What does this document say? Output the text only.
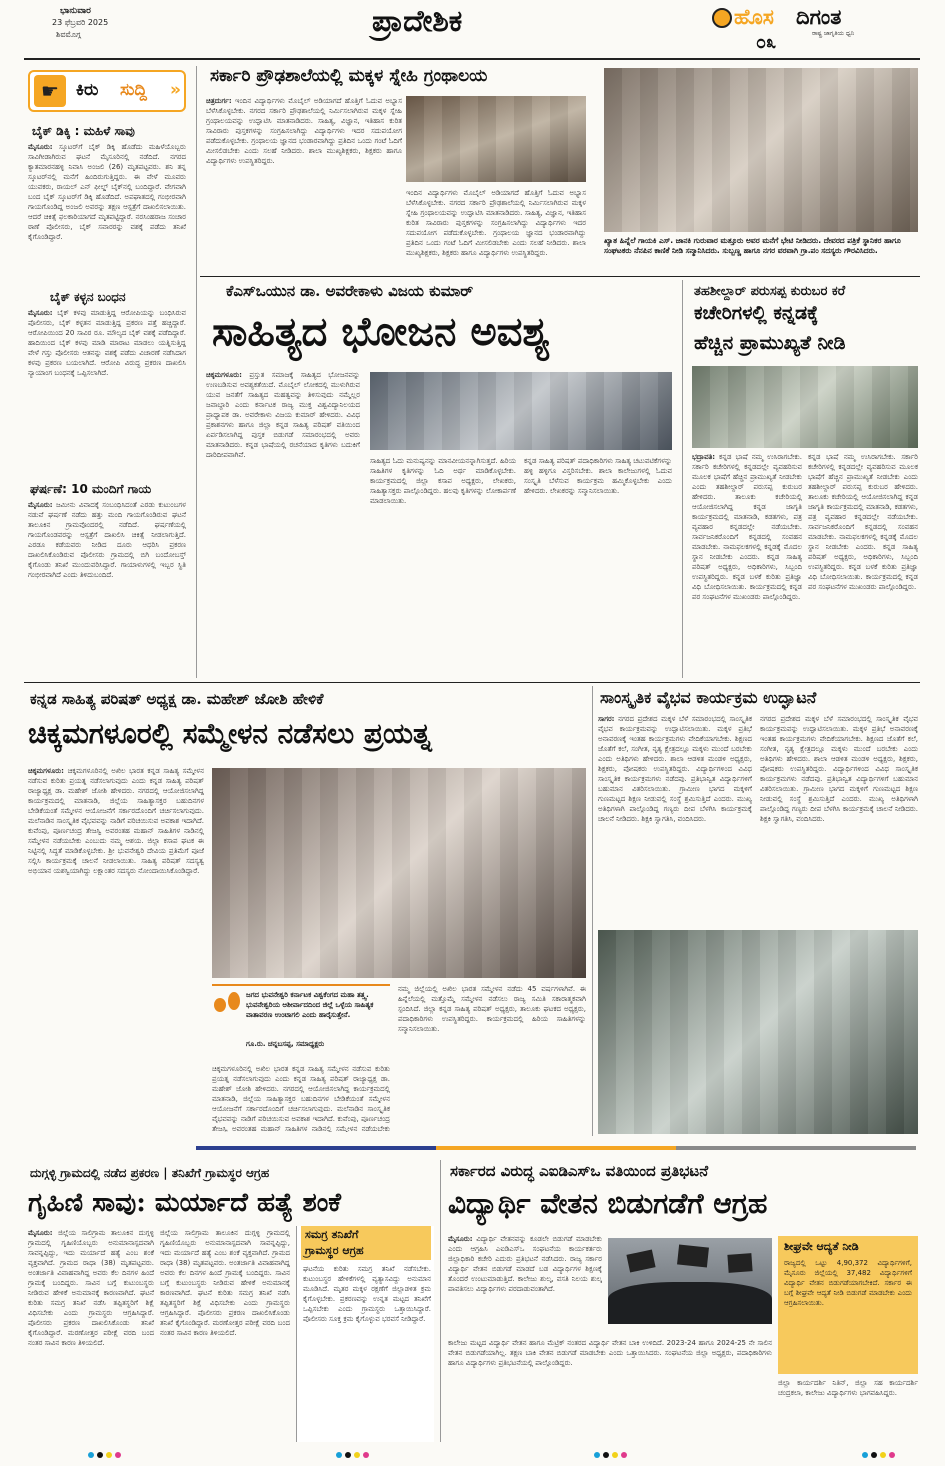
ಭಾನುವಾರ
23 ಫೆಬ್ರವರಿ 2025
ಶಿವಮೊಗ್ಗ	ಪ್ರಾದೇಶಿಕ	ಹೊಸ ದಿಗಂತ
ರಾಷ್ಟ್ರ ಜಾಗೃತಿಯ ಧ್ವನಿ
೦೩
☛	ಕಿರು ಸುದ್ದಿ »
ಬೈಕ್ ಡಿಕ್ಕಿ : ಮಹಿಳೆ ಸಾವು
ಮೈಸೂರು: ಸ್ಕೂಟರ್‌ಗೆ ಬೈಕ್ ಡಿಕ್ಕಿ ಹೊಡೆದು ಮಹಿಳೆಯೊಬ್ಬರು ಸಾವಿಗೀಡಾಗಿರುವ ಘಟನೆ ಮೈಸೂರಿನಲ್ಲಿ ನಡೆದಿದೆ. ನಗರದ ಕ್ಯಾತಮಾರನಹಳ್ಳಿ ನಿವಾಸಿ ಅಂಜಲಿ (26) ಮೃತಪಟ್ಟವರು. ಶನಿ ತನ್ನ ಸ್ಕೂಟರ್‌ನಲ್ಲಿ ಮನೆಗೆ ಹಿಂದಿರುಗುತ್ತಿದ್ದರು. ಈ ವೇಳೆ ಮೂವರು ಯುವಕರು, ರಾಯಲ್ ಎನ್ ಫೀಲ್ಡ್ ಬೈಕ್‌ನಲ್ಲಿ ಬಂದಿದ್ದಾರೆ. ವೇಗವಾಗಿ ಬಂದ ಬೈಕ್ ಸ್ಕೂಟರ್‌ಗೆ ಡಿಕ್ಕಿ ಹೊಡೆದಿದೆ. ಅಪಘಾತದಲ್ಲಿ ಗಂಭೀರವಾಗಿ ಗಾಯಗೊಂಡಿದ್ದ ಅಂಜಲಿ ಅವರನ್ನು ತಕ್ಷಣ ಆಸ್ಪತ್ರೆಗೆ ದಾಖಲಿಸಲಾಯಿತು. ಆದರೆ ಚಿಕಿತ್ಸೆ ಫಲಕಾರಿಯಾಗದೆ ಮೃತಪಟ್ಟಿದ್ದಾರೆ. ನರಸಿಂಹರಾಜ ಸಂಚಾರ ಠಾಣೆ ಪೊಲೀಸರು, ಬೈಕ್ ಸವಾರರನ್ನು ವಶಕ್ಕೆ ಪಡೆದು ತನಿಖೆ ಕೈಗೊಂಡಿದ್ದಾರೆ.
ಬೈಕ್ ಕಳ್ಳನ ಬಂಧನ
ಮೈಸೂರು: ಬೈಕ್ ಕಳವು ಮಾಡುತ್ತಿದ್ದ ಆರೋಪಿಯನ್ನು ಬಂಧಿಸಿರುವ ಪೊಲೀಸರು, ಬೈಕ್ ಕಳ್ಳತನ ಮಾಡುತ್ತಿದ್ದ ಪ್ರಕರಣ ಪತ್ತೆ ಹಚ್ಚಿದ್ದಾರೆ. ಆರೋಪಿಯಿಂದ 20 ಸಾವಿರ ರೂ. ಮೌಲ್ಯದ ಬೈಕ್ ವಶಕ್ಕೆ ಪಡೆದಿದ್ದಾರೆ. ಹಾದಿಯಿಂದ ಬೈಕ್ ಕಳವು ಮಾಡಿ ಮಾರಾಟ ಮಾಡಲು ಯತ್ನಿಸುತ್ತಿದ್ದ ವೇಳೆ ಗಸ್ತು ಪೊಲೀಸರು ಆತನನ್ನು ವಶಕ್ಕೆ ಪಡೆದು ವಿಚಾರಣೆ ನಡೆಸಿದಾಗ ಕಳವು ಪ್ರಕರಣ ಬಯಲಾಗಿದೆ. ಆರೋಪಿ ವಿರುದ್ಧ ಪ್ರಕರಣ ದಾಖಲಿಸಿ ನ್ಯಾಯಾಂಗ ಬಂಧನಕ್ಕೆ ಒಪ್ಪಿಸಲಾಗಿದೆ.
ಘರ್ಷಣೆ: 10 ಮಂದಿಗೆ ಗಾಯ
ಮೈಸೂರು: ಜಮೀನು ವಿವಾದಕ್ಕೆ ಸಂಬಂಧಿಸಿದಂತೆ ಎರಡು ಕುಟುಂಬಗಳ ನಡುವೆ ಘರ್ಷಣೆ ನಡೆದು ಹತ್ತು ಮಂದಿ ಗಾಯಗೊಂಡಿರುವ ಘಟನೆ ತಾಲೂಕಿನ ಗ್ರಾಮವೊಂದರಲ್ಲಿ ನಡೆದಿದೆ. ಘರ್ಷಣೆಯಲ್ಲಿ ಗಾಯಗೊಂಡವರನ್ನು ಆಸ್ಪತ್ರೆಗೆ ದಾಖಲಿಸಿ ಚಿಕಿತ್ಸೆ ನೀಡಲಾಗುತ್ತಿದೆ. ಎರಡೂ ಕಡೆಯವರು ನೀಡಿದ ದೂರು ಆಧರಿಸಿ ಪ್ರಕರಣ ದಾಖಲಿಸಿಕೊಂಡಿರುವ ಪೊಲೀಸರು ಗ್ರಾಮದಲ್ಲಿ ಬಿಗಿ ಬಂದೋಬಸ್ತ್ ಕೈಗೊಂಡು ತನಿಖೆ ಮುಂದುವರಿಸಿದ್ದಾರೆ. ಗಾಯಾಳುಗಳಲ್ಲಿ ಇಬ್ಬರ ಸ್ಥಿತಿ ಗಂಭೀರವಾಗಿದೆ ಎಂದು ತಿಳಿದುಬಂದಿದೆ.
ಸರ್ಕಾರಿ ಪ್ರೌಢಶಾಲೆಯಲ್ಲಿ ಮಕ್ಕಳ ಸ್ನೇಹಿ ಗ್ರಂಥಾಲಯ
ಚಿತ್ರದುರ್ಗ: ಇಂದಿನ ವಿದ್ಯಾರ್ಥಿಗಳು ಮೊಬೈಲ್ ಅಡಿಯಾಗದೆ ಹೊತ್ತಿಗೆ ಓದುವ ಅಭ್ಯಾಸ ಬೆಳೆಸಿಕೊಳ್ಳಬೇಕು. ನಗರದ ಸರ್ಕಾರಿ ಪ್ರೌಢಶಾಲೆಯಲ್ಲಿ ನಿರ್ಮಿಸಲಾಗಿರುವ ಮಕ್ಕಳ ಸ್ನೇಹಿ ಗ್ರಂಥಾಲಯವನ್ನು ಉದ್ಘಾಟಿಸಿ ಮಾತನಾಡಿದರು. ಸಾಹಿತ್ಯ, ವಿಜ್ಞಾನ, ಇತಿಹಾಸ ಕುರಿತ ಸಾವಿರಾರು ಪುಸ್ತಕಗಳನ್ನು ಸಂಗ್ರಹಿಸಲಾಗಿದ್ದು ವಿದ್ಯಾರ್ಥಿಗಳು ಇದರ ಸದುಪಯೋಗ ಪಡೆದುಕೊಳ್ಳಬೇಕು. ಗ್ರಂಥಾಲಯ ಜ್ಞಾನದ ಭಂಡಾರವಾಗಿದ್ದು ಪ್ರತಿದಿನ ಒಂದು ಗಂಟೆ ಓದಿಗೆ ಮೀಸಲಿಡಬೇಕು ಎಂದು ಸಲಹೆ ನೀಡಿದರು. ಶಾಲಾ ಮುಖ್ಯಶಿಕ್ಷಕರು, ಶಿಕ್ಷಕರು ಹಾಗೂ ವಿದ್ಯಾರ್ಥಿಗಳು ಉಪಸ್ಥಿತರಿದ್ದರು.
ಇಂದಿನ ವಿದ್ಯಾರ್ಥಿಗಳು ಮೊಬೈಲ್ ಅಡಿಯಾಗದೆ ಹೊತ್ತಿಗೆ ಓದುವ ಅಭ್ಯಾಸ ಬೆಳೆಸಿಕೊಳ್ಳಬೇಕು. ನಗರದ ಸರ್ಕಾರಿ ಪ್ರೌಢಶಾಲೆಯಲ್ಲಿ ನಿರ್ಮಿಸಲಾಗಿರುವ ಮಕ್ಕಳ ಸ್ನೇಹಿ ಗ್ರಂಥಾಲಯವನ್ನು ಉದ್ಘಾಟಿಸಿ ಮಾತನಾಡಿದರು. ಸಾಹಿತ್ಯ, ವಿಜ್ಞಾನ, ಇತಿಹಾಸ ಕುರಿತ ಸಾವಿರಾರು ಪುಸ್ತಕಗಳನ್ನು ಸಂಗ್ರಹಿಸಲಾಗಿದ್ದು ವಿದ್ಯಾರ್ಥಿಗಳು ಇದರ ಸದುಪಯೋಗ ಪಡೆದುಕೊಳ್ಳಬೇಕು. ಗ್ರಂಥಾಲಯ ಜ್ಞಾನದ ಭಂಡಾರವಾಗಿದ್ದು ಪ್ರತಿದಿನ ಒಂದು ಗಂಟೆ ಓದಿಗೆ ಮೀಸಲಿಡಬೇಕು ಎಂದು ಸಲಹೆ ನೀಡಿದರು. ಶಾಲಾ ಮುಖ್ಯಶಿಕ್ಷಕರು, ಶಿಕ್ಷಕರು ಹಾಗೂ ವಿದ್ಯಾರ್ಥಿಗಳು ಉಪಸ್ಥಿತರಿದ್ದರು.
ಖ್ಯಾತ ಹಿನ್ನೆಲೆ ಗಾಯಕಿ ಎಸ್. ಜಾನಕಿ ಗುರುವಾರ ಮತ್ತೂರು ಅವರ ಮನೆಗೆ ಭೇಟಿ ನೀಡಿದರು. ದೇವರದ ಪತ್ರಿಕೆ ಸ್ಥಾನಿಕರ ಹಾಗೂ ಸಂಘಟಕರು ನೆನಪಿನ ಕಾಣಿಕೆ ನೀಡಿ ಸನ್ಮಾನಿಸಿದರು. ಸುಬ್ಬಣ್ಣ ಹಾಗೂ ನಗರ ವರವಾಗಿ ಗ್ರಾ.ಪಂ ಸದಸ್ಯರು ಗೌರವಿಸಿದರು.
ಕೆಎಸ್‌ಒಯುನ ಡಾ. ಅವರೇಕಾಳು ವಿಜಯ ಕುಮಾರ್
ಸಾಹಿತ್ಯದ ಭೋಜನ ಅವಶ್ಯ
ಚಿಕ್ಕಮಗಳೂರು: ಪ್ರಸ್ತುತ ಸಮಾಜಕ್ಕೆ ಸಾಹಿತ್ಯದ ಭೋಜನವನ್ನು ಉಣಬಡಿಸುವ ಅವಶ್ಯಕತೆಯಿದೆ. ಮೊಬೈಲ್ ಲೋಕದಲ್ಲಿ ಮುಳುಗಿರುವ ಯುವ ಜನತೆಗೆ ಸಾಹಿತ್ಯದ ಮಹತ್ವವನ್ನು ತಿಳಿಸುವುದು ನಮ್ಮೆಲ್ಲರ ಜವಾಬ್ದಾರಿ ಎಂದು ಕರ್ನಾಟಕ ರಾಜ್ಯ ಮುಕ್ತ ವಿಶ್ವವಿದ್ಯಾನಿಲಯದ ಪ್ರಾಧ್ಯಾಪಕ ಡಾ. ಅವರೇಕಾಳು ವಿಜಯ ಕುಮಾರ್ ಹೇಳಿದರು. ವಿವಿಧ ಪ್ರಕಾಶನಗಳು ಹಾಗೂ ಜಿಲ್ಲಾ ಕನ್ನಡ ಸಾಹಿತ್ಯ ಪರಿಷತ್ ವತಿಯಿಂದ ಏರ್ಪಡಿಸಲಾಗಿದ್ದ ಪುಸ್ತಕ ಬಿಡುಗಡೆ ಸಮಾರಂಭದಲ್ಲಿ ಅವರು ಮಾತನಾಡಿದರು. ಕನ್ನಡ ಭಾಷೆಯಲ್ಲಿ ರಚನೆಯಾದ ಕೃತಿಗಳು ಬದುಕಿಗೆ ದಾರಿದೀಪವಾಗಿವೆ.
ಸಾಹಿತ್ಯದ ಓದು ಮನುಷ್ಯನನ್ನು ಮಾನವೀಯನನ್ನಾಗಿಸುತ್ತದೆ. ಹಿರಿಯ ಸಾಹಿತಿಗಳ ಕೃತಿಗಳನ್ನು ಓದಿ ಅರ್ಥ ಮಾಡಿಕೊಳ್ಳಬೇಕು. ಕಾರ್ಯಕ್ರಮದಲ್ಲಿ ಜಿಲ್ಲಾ ಕಸಾಪ ಅಧ್ಯಕ್ಷರು, ಲೇಖಕರು, ಸಾಹಿತ್ಯಾಸಕ್ತರು ಪಾಲ್ಗೊಂಡಿದ್ದರು. ಹಲವು ಕೃತಿಗಳನ್ನು ಲೋಕಾರ್ಪಣೆ ಮಾಡಲಾಯಿತು.
ಕನ್ನಡ ಸಾಹಿತ್ಯ ಪರಿಷತ್ ಪದಾಧಿಕಾರಿಗಳು ಸಾಹಿತ್ಯ ಚಟುವಟಿಕೆಗಳನ್ನು ಹಳ್ಳಿ ಹಳ್ಳಿಗೂ ವಿಸ್ತರಿಸಬೇಕು. ಶಾಲಾ ಕಾಲೇಜುಗಳಲ್ಲಿ ಓದುವ ಸಂಸ್ಕೃತಿ ಬೆಳೆಸುವ ಕಾರ್ಯಕ್ರಮ ಹಮ್ಮಿಕೊಳ್ಳಬೇಕು ಎಂದು ಹೇಳಿದರು. ಲೇಖಕರನ್ನು ಸನ್ಮಾನಿಸಲಾಯಿತು.
ತಹಶೀಲ್ದಾರ್ ಪರುಸಪ್ಪ ಕುರುಬರ ಕರೆ
ಕಚೇರಿಗಳಲ್ಲಿ ಕನ್ನಡಕ್ಕೆ
ಹೆಚ್ಚಿನ ಪ್ರಾಮುಖ್ಯತೆ ನೀಡಿ
ಭದ್ರಾವತಿ: ಕನ್ನಡ ಭಾಷೆ ನಮ್ಮ ಉಸಿರಾಗಬೇಕು. ಸರ್ಕಾರಿ ಕಚೇರಿಗಳಲ್ಲಿ ಕನ್ನಡದಲ್ಲೇ ವ್ಯವಹರಿಸುವ ಮೂಲಕ ಭಾಷೆಗೆ ಹೆಚ್ಚಿನ ಪ್ರಾಮುಖ್ಯತೆ ನೀಡಬೇಕು ಎಂದು ತಹಶೀಲ್ದಾರ್ ಪರುಸಪ್ಪ ಕುರುಬರ ಹೇಳಿದರು. ತಾಲೂಕು ಕಚೇರಿಯಲ್ಲಿ ಆಯೋಜಿಸಲಾಗಿದ್ದ ಕನ್ನಡ ಜಾಗೃತಿ ಕಾರ್ಯಕ್ರಮದಲ್ಲಿ ಮಾತನಾಡಿ, ಕಡತಗಳು, ಪತ್ರ ವ್ಯವಹಾರ ಕನ್ನಡದಲ್ಲೇ ನಡೆಯಬೇಕು. ಸಾರ್ವಜನಿಕರೊಂದಿಗೆ ಕನ್ನಡದಲ್ಲಿ ಸಂವಹನ ಮಾಡಬೇಕು. ನಾಮಫಲಕಗಳಲ್ಲಿ ಕನ್ನಡಕ್ಕೆ ಮೊದಲ ಸ್ಥಾನ ನೀಡಬೇಕು ಎಂದರು. ಕನ್ನಡ ಸಾಹಿತ್ಯ ಪರಿಷತ್ ಅಧ್ಯಕ್ಷರು, ಅಧಿಕಾರಿಗಳು, ಸಿಬ್ಬಂದಿ ಉಪಸ್ಥಿತರಿದ್ದರು. ಕನ್ನಡ ಬಳಕೆ ಕುರಿತು ಪ್ರತಿಜ್ಞಾ ವಿಧಿ ಬೋಧಿಸಲಾಯಿತು. ಕಾರ್ಯಕ್ರಮದಲ್ಲಿ ಕನ್ನಡ ಪರ ಸಂಘಟನೆಗಳ ಮುಖಂಡರು ಪಾಲ್ಗೊಂಡಿದ್ದರು.
ಕನ್ನಡ ಭಾಷೆ ನಮ್ಮ ಉಸಿರಾಗಬೇಕು. ಸರ್ಕಾರಿ ಕಚೇರಿಗಳಲ್ಲಿ ಕನ್ನಡದಲ್ಲೇ ವ್ಯವಹರಿಸುವ ಮೂಲಕ ಭಾಷೆಗೆ ಹೆಚ್ಚಿನ ಪ್ರಾಮುಖ್ಯತೆ ನೀಡಬೇಕು ಎಂದು ತಹಶೀಲ್ದಾರ್ ಪರುಸಪ್ಪ ಕುರುಬರ ಹೇಳಿದರು. ತಾಲೂಕು ಕಚೇರಿಯಲ್ಲಿ ಆಯೋಜಿಸಲಾಗಿದ್ದ ಕನ್ನಡ ಜಾಗೃತಿ ಕಾರ್ಯಕ್ರಮದಲ್ಲಿ ಮಾತನಾಡಿ, ಕಡತಗಳು, ಪತ್ರ ವ್ಯವಹಾರ ಕನ್ನಡದಲ್ಲೇ ನಡೆಯಬೇಕು. ಸಾರ್ವಜನಿಕರೊಂದಿಗೆ ಕನ್ನಡದಲ್ಲಿ ಸಂವಹನ ಮಾಡಬೇಕು. ನಾಮಫಲಕಗಳಲ್ಲಿ ಕನ್ನಡಕ್ಕೆ ಮೊದಲ ಸ್ಥಾನ ನೀಡಬೇಕು ಎಂದರು. ಕನ್ನಡ ಸಾಹಿತ್ಯ ಪರಿಷತ್ ಅಧ್ಯಕ್ಷರು, ಅಧಿಕಾರಿಗಳು, ಸಿಬ್ಬಂದಿ ಉಪಸ್ಥಿತರಿದ್ದರು. ಕನ್ನಡ ಬಳಕೆ ಕುರಿತು ಪ್ರತಿಜ್ಞಾ ವಿಧಿ ಬೋಧಿಸಲಾಯಿತು. ಕಾರ್ಯಕ್ರಮದಲ್ಲಿ ಕನ್ನಡ ಪರ ಸಂಘಟನೆಗಳ ಮುಖಂಡರು ಪಾಲ್ಗೊಂಡಿದ್ದರು.
ಕನ್ನಡ ಸಾಹಿತ್ಯ ಪರಿಷತ್ ಅಧ್ಯಕ್ಷ ಡಾ. ಮಹೇಶ್ ಜೋಶಿ ಹೇಳಿಕೆ
ಚಿಕ್ಕಮಗಳೂರಲ್ಲಿ ಸಮ್ಮೇಳನ ನಡೆಸಲು ಪ್ರಯತ್ನ
ಚಿಕ್ಕಮಗಳೂರು: ಚಿಕ್ಕಮಗಳೂರಿನಲ್ಲಿ ಅಖಿಲ ಭಾರತ ಕನ್ನಡ ಸಾಹಿತ್ಯ ಸಮ್ಮೇಳನ ನಡೆಸುವ ಕುರಿತು ಪ್ರಯತ್ನ ನಡೆಸಲಾಗುವುದು ಎಂದು ಕನ್ನಡ ಸಾಹಿತ್ಯ ಪರಿಷತ್ ರಾಜ್ಯಾಧ್ಯಕ್ಷ ಡಾ. ಮಹೇಶ್ ಜೋಶಿ ಹೇಳಿದರು. ನಗರದಲ್ಲಿ ಆಯೋಜಿಸಲಾಗಿದ್ದ ಕಾರ್ಯಕ್ರಮದಲ್ಲಿ ಮಾತನಾಡಿ, ಜಿಲ್ಲೆಯ ಸಾಹಿತ್ಯಾಸಕ್ತರ ಬಹುದಿನಗಳ ಬೇಡಿಕೆಯಂತೆ ಸಮ್ಮೇಳನ ಆಯೋಜನೆಗೆ ಸರ್ಕಾರದೊಂದಿಗೆ ಚರ್ಚಿಸಲಾಗುವುದು. ಮಲೆನಾಡಿನ ಸಾಂಸ್ಕೃತಿಕ ವೈಭವವನ್ನು ನಾಡಿಗೆ ಪರಿಚಯಿಸುವ ಅವಕಾಶ ಇದಾಗಿದೆ. ಕುವೆಂಪು, ಪೂರ್ಣಚಂದ್ರ ತೇಜಸ್ವಿ ಅವರಂತಹ ಮಹಾನ್ ಸಾಹಿತಿಗಳ ನಾಡಿನಲ್ಲಿ ಸಮ್ಮೇಳನ ನಡೆಯಬೇಕು ಎಂಬುದು ನಮ್ಮ ಆಶಯ. ಜಿಲ್ಲಾ ಕಸಾಪ ಘಟಕ ಈ ನಿಟ್ಟಿನಲ್ಲಿ ಸಿದ್ಧತೆ ಮಾಡಿಕೊಳ್ಳಬೇಕು. ಶ್ರೀ ಭುವನೇಶ್ವರಿ ದೇವಿಯ ಪ್ರತಿಮೆಗೆ ಪೂಜೆ ಸಲ್ಲಿಸಿ ಕಾರ್ಯಕ್ರಮಕ್ಕೆ ಚಾಲನೆ ನೀಡಲಾಯಿತು. ಸಾಹಿತ್ಯ ಪರಿಷತ್ ಸದಸ್ಯತ್ವ ಅಭಿಯಾನ ಯಶಸ್ವಿಯಾಗಿದ್ದು ಲಕ್ಷಾಂತರ ಸದಸ್ಯರು ನೋಂದಾಯಿಸಿಕೊಂಡಿದ್ದಾರೆ.
ಜಗದ ಭುವನೇಶ್ವರಿ ಕರ್ನಾಟಕ ವಿಶ್ವಕೆಂಗದ ಮಹಾ ತತ್ತ್ವ. ಭುವನೇಶ್ವರಿಯ ಆಶೀರ್ವಾದದಿಂದ ಜಿಲ್ಲೆ ಒಳ್ಳೆಯ ಸಾಹಿತ್ಯಕ ವಾತಾವರಣ ಉಂಟಾಗಲಿ ಎಂದು ಹಾರೈಸುತ್ತೇನೆ.
ಗೂ.ರು. ಚನ್ನಬಸಪ್ಪ, ಸಮಾಧ್ಯಕ್ಷರು
ಚಿಕ್ಕಮಗಳೂರಿನಲ್ಲಿ ಅಖಿಲ ಭಾರತ ಕನ್ನಡ ಸಾಹಿತ್ಯ ಸಮ್ಮೇಳನ ನಡೆಸುವ ಕುರಿತು ಪ್ರಯತ್ನ ನಡೆಸಲಾಗುವುದು ಎಂದು ಕನ್ನಡ ಸಾಹಿತ್ಯ ಪರಿಷತ್ ರಾಜ್ಯಾಧ್ಯಕ್ಷ ಡಾ. ಮಹೇಶ್ ಜೋಶಿ ಹೇಳಿದರು. ನಗರದಲ್ಲಿ ಆಯೋಜಿಸಲಾಗಿದ್ದ ಕಾರ್ಯಕ್ರಮದಲ್ಲಿ ಮಾತನಾಡಿ, ಜಿಲ್ಲೆಯ ಸಾಹಿತ್ಯಾಸಕ್ತರ ಬಹುದಿನಗಳ ಬೇಡಿಕೆಯಂತೆ ಸಮ್ಮೇಳನ ಆಯೋಜನೆಗೆ ಸರ್ಕಾರದೊಂದಿಗೆ ಚರ್ಚಿಸಲಾಗುವುದು. ಮಲೆನಾಡಿನ ಸಾಂಸ್ಕೃತಿಕ ವೈಭವವನ್ನು ನಾಡಿಗೆ ಪರಿಚಯಿಸುವ ಅವಕಾಶ ಇದಾಗಿದೆ. ಕುವೆಂಪು, ಪೂರ್ಣಚಂದ್ರ ತೇಜಸ್ವಿ ಅವರಂತಹ ಮಹಾನ್ ಸಾಹಿತಿಗಳ ನಾಡಿನಲ್ಲಿ ಸಮ್ಮೇಳನ ನಡೆಯಬೇಕು
ನಮ್ಮ ಜಿಲ್ಲೆಯಲ್ಲಿ ಅಖಿಲ ಭಾರತ ಸಮ್ಮೇಳನ ನಡೆದು 45 ವರ್ಷಗಳಾಗಿವೆ. ಈ ಹಿನ್ನೆಲೆಯಲ್ಲಿ ಮತ್ತೊಮ್ಮೆ ಸಮ್ಮೇಳನ ನಡೆಸಲು ರಾಜ್ಯ ಸಮಿತಿ ಸಕಾರಾತ್ಮಕವಾಗಿ ಸ್ಪಂದಿಸಿದೆ. ಜಿಲ್ಲಾ ಕನ್ನಡ ಸಾಹಿತ್ಯ ಪರಿಷತ್ ಅಧ್ಯಕ್ಷರು, ತಾಲೂಕು ಘಟಕದ ಅಧ್ಯಕ್ಷರು, ಪದಾಧಿಕಾರಿಗಳು ಉಪಸ್ಥಿತರಿದ್ದರು. ಕಾರ್ಯಕ್ರಮದಲ್ಲಿ ಹಿರಿಯ ಸಾಹಿತಿಗಳನ್ನು ಸನ್ಮಾನಿಸಲಾಯಿತು.
ಸಾಂಸ್ಕೃತಿಕ ವೈಭವ ಕಾರ್ಯಕ್ರಮ ಉದ್ಘಾಟನೆ
ಸಾಗರ: ನಗರದ ಪ್ರದೇಶದ ಮಕ್ಕಳ ಬೆಳೆ ಸಮಾರಂಭದಲ್ಲಿ ಸಾಂಸ್ಕೃತಿಕ ವೈಭವ ಕಾರ್ಯಕ್ರಮವನ್ನು ಉದ್ಘಾಟಿಸಲಾಯಿತು. ಮಕ್ಕಳ ಪ್ರತಿಭೆ ಅನಾವರಣಕ್ಕೆ ಇಂತಹ ಕಾರ್ಯಕ್ರಮಗಳು ವೇದಿಕೆಯಾಗಬೇಕು. ಶಿಕ್ಷಣದ ಜೊತೆಗೆ ಕಲೆ, ಸಂಗೀತ, ನೃತ್ಯ ಕ್ಷೇತ್ರದಲ್ಲೂ ಮಕ್ಕಳು ಮುಂದೆ ಬರಬೇಕು ಎಂದು ಅತಿಥಿಗಳು ಹೇಳಿದರು. ಶಾಲಾ ಆಡಳಿತ ಮಂಡಳಿ ಅಧ್ಯಕ್ಷರು, ಶಿಕ್ಷಕರು, ಪೋಷಕರು ಉಪಸ್ಥಿತರಿದ್ದರು. ವಿದ್ಯಾರ್ಥಿಗಳಿಂದ ವಿವಿಧ ಸಾಂಸ್ಕೃತಿಕ ಕಾರ್ಯಕ್ರಮಗಳು ನಡೆದವು. ಪ್ರತಿಭಾನ್ವಿತ ವಿದ್ಯಾರ್ಥಿಗಳಿಗೆ ಬಹುಮಾನ ವಿತರಿಸಲಾಯಿತು. ಗ್ರಾಮೀಣ ಭಾಗದ ಮಕ್ಕಳಿಗೆ ಗುಣಮಟ್ಟದ ಶಿಕ್ಷಣ ನೀಡುವಲ್ಲಿ ಸಂಸ್ಥೆ ಶ್ರಮಿಸುತ್ತಿದೆ ಎಂದರು. ಮುಖ್ಯ ಅತಿಥಿಗಳಾಗಿ ಪಾಲ್ಗೊಂಡಿದ್ದ ಗಣ್ಯರು ದೀಪ ಬೆಳಗಿಸಿ ಕಾರ್ಯಕ್ರಮಕ್ಕೆ ಚಾಲನೆ ನೀಡಿದರು. ಶಿಕ್ಷಕಿ ಸ್ವಾಗತಿಸಿ, ವಂದಿಸಿದರು.
ನಗರದ ಪ್ರದೇಶದ ಮಕ್ಕಳ ಬೆಳೆ ಸಮಾರಂಭದಲ್ಲಿ ಸಾಂಸ್ಕೃತಿಕ ವೈಭವ ಕಾರ್ಯಕ್ರಮವನ್ನು ಉದ್ಘಾಟಿಸಲಾಯಿತು. ಮಕ್ಕಳ ಪ್ರತಿಭೆ ಅನಾವರಣಕ್ಕೆ ಇಂತಹ ಕಾರ್ಯಕ್ರಮಗಳು ವೇದಿಕೆಯಾಗಬೇಕು. ಶಿಕ್ಷಣದ ಜೊತೆಗೆ ಕಲೆ, ಸಂಗೀತ, ನೃತ್ಯ ಕ್ಷೇತ್ರದಲ್ಲೂ ಮಕ್ಕಳು ಮುಂದೆ ಬರಬೇಕು ಎಂದು ಅತಿಥಿಗಳು ಹೇಳಿದರು. ಶಾಲಾ ಆಡಳಿತ ಮಂಡಳಿ ಅಧ್ಯಕ್ಷರು, ಶಿಕ್ಷಕರು, ಪೋಷಕರು ಉಪಸ್ಥಿತರಿದ್ದರು. ವಿದ್ಯಾರ್ಥಿಗಳಿಂದ ವಿವಿಧ ಸಾಂಸ್ಕೃತಿಕ ಕಾರ್ಯಕ್ರಮಗಳು ನಡೆದವು. ಪ್ರತಿಭಾನ್ವಿತ ವಿದ್ಯಾರ್ಥಿಗಳಿಗೆ ಬಹುಮಾನ ವಿತರಿಸಲಾಯಿತು. ಗ್ರಾಮೀಣ ಭಾಗದ ಮಕ್ಕಳಿಗೆ ಗುಣಮಟ್ಟದ ಶಿಕ್ಷಣ ನೀಡುವಲ್ಲಿ ಸಂಸ್ಥೆ ಶ್ರಮಿಸುತ್ತಿದೆ ಎಂದರು. ಮುಖ್ಯ ಅತಿಥಿಗಳಾಗಿ ಪಾಲ್ಗೊಂಡಿದ್ದ ಗಣ್ಯರು ದೀಪ ಬೆಳಗಿಸಿ ಕಾರ್ಯಕ್ರಮಕ್ಕೆ ಚಾಲನೆ ನೀಡಿದರು. ಶಿಕ್ಷಕಿ ಸ್ವಾಗತಿಸಿ, ವಂದಿಸಿದರು.
ದುಗ್ಗಳ್ಳಿ ಗ್ರಾಮದಲ್ಲಿ ನಡೆದ ಪ್ರಕರಣ | ತನಿಖೆಗೆ ಗ್ರಾಮಸ್ಥರ ಆಗ್ರಹ
ಗೃಹಿಣಿ ಸಾವು: ಮರ್ಯಾದೆ ಹತ್ಯೆ ಶಂಕೆ
ಮೈಸೂರು: ಜಿಲ್ಲೆಯ ಸಾಲಿಗ್ರಾಮ ತಾಲೂಕಿನ ದುಗ್ಗಳ್ಳಿ ಗ್ರಾಮದಲ್ಲಿ ಗೃಹಿಣಿಯೊಬ್ಬರು ಅನುಮಾನಾಸ್ಪದವಾಗಿ ಸಾವನ್ನಪ್ಪಿದ್ದು, ಇದು ಮರ್ಯಾದೆ ಹತ್ಯೆ ಎಂಬ ಶಂಕೆ ವ್ಯಕ್ತವಾಗಿದೆ. ಗ್ರಾಮದ ರಾಧಾ (38) ಮೃತಪಟ್ಟವರು. ಅಂತರ್ಜಾತಿ ವಿವಾಹವಾಗಿದ್ದ ಅವರು ಕೆಲ ದಿನಗಳ ಹಿಂದೆ ಗ್ರಾಮಕ್ಕೆ ಬಂದಿದ್ದರು. ಸಾವಿನ ಬಗ್ಗೆ ಕುಟುಂಬಸ್ಥರು ನೀಡಿರುವ ಹೇಳಿಕೆ ಅನುಮಾನಕ್ಕೆ ಕಾರಣವಾಗಿದೆ. ಘಟನೆ ಕುರಿತು ಸಮಗ್ರ ತನಿಖೆ ನಡೆಸಿ ತಪ್ಪಿತಸ್ಥರಿಗೆ ಶಿಕ್ಷೆ ವಿಧಿಸಬೇಕು ಎಂದು ಗ್ರಾಮಸ್ಥರು ಆಗ್ರಹಿಸಿದ್ದಾರೆ. ಪೊಲೀಸರು ಪ್ರಕರಣ ದಾಖಲಿಸಿಕೊಂಡು ತನಿಖೆ ಕೈಗೊಂಡಿದ್ದಾರೆ. ಮರಣೋತ್ತರ ಪರೀಕ್ಷೆ ವರದಿ ಬಂದ ನಂತರ ಸಾವಿನ ಕಾರಣ ತಿಳಿಯಲಿದೆ.
ಜಿಲ್ಲೆಯ ಸಾಲಿಗ್ರಾಮ ತಾಲೂಕಿನ ದುಗ್ಗಳ್ಳಿ ಗ್ರಾಮದಲ್ಲಿ ಗೃಹಿಣಿಯೊಬ್ಬರು ಅನುಮಾನಾಸ್ಪದವಾಗಿ ಸಾವನ್ನಪ್ಪಿದ್ದು, ಇದು ಮರ್ಯಾದೆ ಹತ್ಯೆ ಎಂಬ ಶಂಕೆ ವ್ಯಕ್ತವಾಗಿದೆ. ಗ್ರಾಮದ ರಾಧಾ (38) ಮೃತಪಟ್ಟವರು. ಅಂತರ್ಜಾತಿ ವಿವಾಹವಾಗಿದ್ದ ಅವರು ಕೆಲ ದಿನಗಳ ಹಿಂದೆ ಗ್ರಾಮಕ್ಕೆ ಬಂದಿದ್ದರು. ಸಾವಿನ ಬಗ್ಗೆ ಕುಟುಂಬಸ್ಥರು ನೀಡಿರುವ ಹೇಳಿಕೆ ಅನುಮಾನಕ್ಕೆ ಕಾರಣವಾಗಿದೆ. ಘಟನೆ ಕುರಿತು ಸಮಗ್ರ ತನಿಖೆ ನಡೆಸಿ ತಪ್ಪಿತಸ್ಥರಿಗೆ ಶಿಕ್ಷೆ ವಿಧಿಸಬೇಕು ಎಂದು ಗ್ರಾಮಸ್ಥರು ಆಗ್ರಹಿಸಿದ್ದಾರೆ. ಪೊಲೀಸರು ಪ್ರಕರಣ ದಾಖಲಿಸಿಕೊಂಡು ತನಿಖೆ ಕೈಗೊಂಡಿದ್ದಾರೆ. ಮರಣೋತ್ತರ ಪರೀಕ್ಷೆ ವರದಿ ಬಂದ ನಂತರ ಸಾವಿನ ಕಾರಣ ತಿಳಿಯಲಿದೆ.
ಸಮಗ್ರ ತನಿಖೆಗೆ
ಗ್ರಾಮಸ್ಥರ ಆಗ್ರಹ
ಘಟನೆಯ ಕುರಿತು ಸಮಗ್ರ ತನಿಖೆ ನಡೆಸಬೇಕು. ಕುಟುಂಬಸ್ಥರ ಹೇಳಿಕೆಗಳಲ್ಲಿ ವ್ಯತ್ಯಾಸವಿದ್ದು ಅನುಮಾನ ಮೂಡಿಸಿದೆ. ಮೃತರ ಮಕ್ಕಳ ರಕ್ಷಣೆಗೆ ಜಿಲ್ಲಾಡಳಿತ ಕ್ರಮ ಕೈಗೊಳ್ಳಬೇಕು. ಪ್ರಕರಣವನ್ನು ಉನ್ನತ ಮಟ್ಟದ ತನಿಖೆಗೆ ಒಪ್ಪಿಸಬೇಕು ಎಂದು ಗ್ರಾಮಸ್ಥರು ಒತ್ತಾಯಿಸಿದ್ದಾರೆ. ಪೊಲೀಸರು ಸೂಕ್ತ ಕ್ರಮ ಕೈಗೊಳ್ಳುವ ಭರವಸೆ ನೀಡಿದ್ದಾರೆ.
ಸರ್ಕಾರದ ವಿರುದ್ಧ ಎಐಡಿಎಸ್‌ಒ ವತಿಯಿಂದ ಪ್ರತಿಭಟನೆ
ವಿದ್ಯಾರ್ಥಿ ವೇತನ ಬಿಡುಗಡೆಗೆ ಆಗ್ರಹ
ಮೈಸೂರು: ವಿದ್ಯಾರ್ಥಿ ವೇತನವನ್ನು ಕೂಡಲೇ ಬಿಡುಗಡೆ ಮಾಡಬೇಕು ಎಂದು ಆಗ್ರಹಿಸಿ ಎಐಡಿಎಸ್‌ಒ ಸಂಘಟನೆಯ ಕಾರ್ಯಕರ್ತರು ಜಿಲ್ಲಾಧಿಕಾರಿ ಕಚೇರಿ ಎದುರು ಪ್ರತಿಭಟನೆ ನಡೆಸಿದರು. ರಾಜ್ಯ ಸರ್ಕಾರ ವಿದ್ಯಾರ್ಥಿ ವೇತನ ಬಿಡುಗಡೆ ಮಾಡದೆ ಬಡ ವಿದ್ಯಾರ್ಥಿಗಳ ಶಿಕ್ಷಣಕ್ಕೆ ತೊಂದರೆ ಉಂಟುಮಾಡುತ್ತಿದೆ. ಕಾಲೇಜು ಶುಲ್ಕ, ವಸತಿ ನಿಲಯ ಶುಲ್ಕ ಪಾವತಿಸಲು ವಿದ್ಯಾರ್ಥಿಗಳು ಪರದಾಡುವಂತಾಗಿದೆ.
ಕಾಲೇಜು ಮಟ್ಟದ ವಿದ್ಯಾರ್ಥಿ ವೇತನ ಹಾಗೂ ಮೆಟ್ರಿಕ್ ನಂತರದ ವಿದ್ಯಾರ್ಥಿ ವೇತನ ಬಾಕಿ ಉಳಿದಿದೆ. 2023-24 ಹಾಗೂ 2024-25 ನೇ ಸಾಲಿನ ವೇತನ ಬಿಡುಗಡೆಯಾಗಿಲ್ಲ. ತಕ್ಷಣ ಬಾಕಿ ವೇತನ ಬಿಡುಗಡೆ ಮಾಡಬೇಕು ಎಂದು ಒತ್ತಾಯಿಸಿದರು. ಸಂಘಟನೆಯ ಜಿಲ್ಲಾ ಅಧ್ಯಕ್ಷರು, ಪದಾಧಿಕಾರಿಗಳು ಹಾಗೂ ವಿದ್ಯಾರ್ಥಿಗಳು ಪ್ರತಿಭಟನೆಯಲ್ಲಿ ಪಾಲ್ಗೊಂಡಿದ್ದರು.
ಶೀಘ್ರವೇ ಆದ್ಯತೆ ನೀಡಿ
ರಾಜ್ಯದಲ್ಲಿ ಒಟ್ಟು 4,90,372 ವಿದ್ಯಾರ್ಥಿಗಳಿಗೆ, ಮೈಸೂರು ಜಿಲ್ಲೆಯಲ್ಲಿ 37,482 ವಿದ್ಯಾರ್ಥಿಗಳಿಗೆ ವಿದ್ಯಾರ್ಥಿ ವೇತನ ಬಿಡುಗಡೆಯಾಗಬೇಕಿದೆ. ಸರ್ಕಾರ ಈ ಬಗ್ಗೆ ಶೀಘ್ರವೇ ಆದ್ಯತೆ ನೀಡಿ ಬಿಡುಗಡೆ ಮಾಡಬೇಕು ಎಂದು ಆಗ್ರಹಿಸಲಾಯಿತು.
ಜಿಲ್ಲಾ ಕಾರ್ಯದರ್ಶಿ ನಿತಿನ್, ಜಿಲ್ಲಾ ಸಹ ಕಾರ್ಯದರ್ಶಿ ಚಂದ್ರಕಲಾ, ಕಾಲೇಜು ವಿದ್ಯಾರ್ಥಿಗಳು ಭಾಗವಹಿಸಿದ್ದರು.
